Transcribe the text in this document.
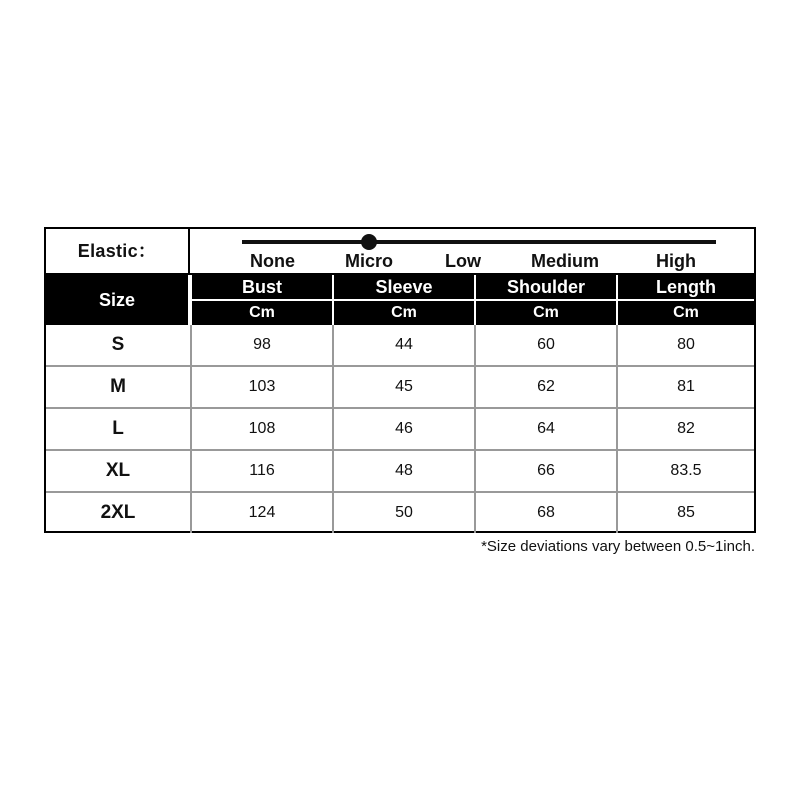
Elastic：	None	Micro	Low	Medium	High
Size
Bust	Sleeve	Shoulder	Length
Cm	Cm	Cm	Cm
S	98	44	60	80
M	103	45	62	81
L	108	46	64	82
XL	116	48	66	83.5
2XL	124	50	68	85
*Size deviations vary between 0.5~1inch.
